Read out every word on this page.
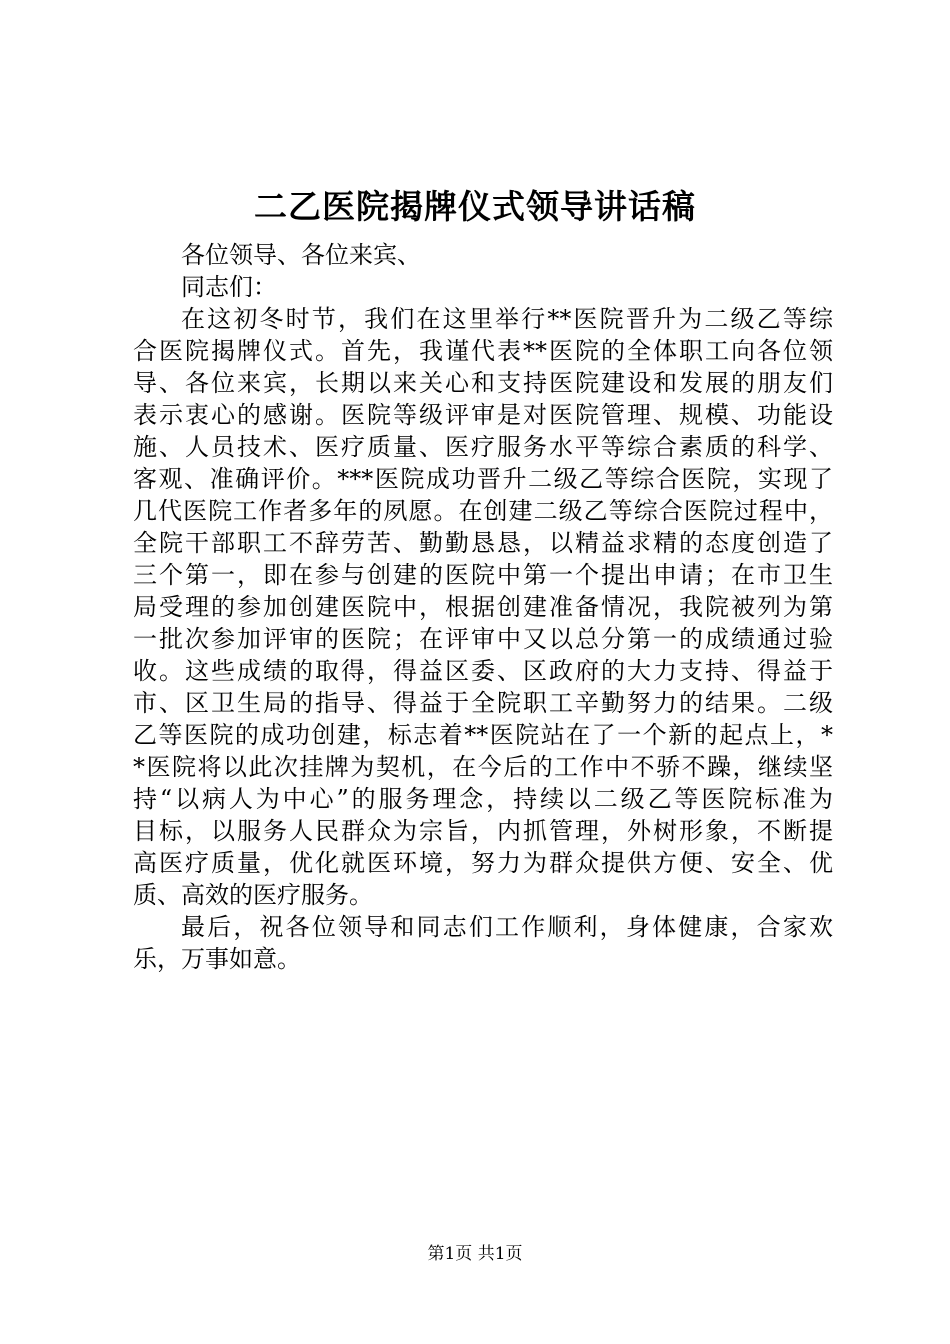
二乙医院揭牌仪式领导讲话稿
各位领导、各位来宾、
同志们：
在这初冬时节，我们在这里举行**医院晋升为二级乙等综
合医院揭牌仪式。首先，我谨代表**医院的全体职工向各位领
导、各位来宾，长期以来关心和支持医院建设和发展的朋友们
表示衷心的感谢。医院等级评审是对医院管理、规模、功能设
施、人员技术、医疗质量、医疗服务水平等综合素质的科学、
客观、准确评价。***医院成功晋升二级乙等综合医院，实现了
几代医院工作者多年的夙愿。在创建二级乙等综合医院过程中，
全院干部职工不辞劳苦、勤勤恳恳，以精益求精的态度创造了
三个第一，即在参与创建的医院中第一个提出申请；在市卫生
局受理的参加创建医院中，根据创建准备情况，我院被列为第
一批次参加评审的医院；在评审中又以总分第一的成绩通过验
收。这些成绩的取得，得益区委、区政府的大力支持、得益于
市、区卫生局的指导、得益于全院职工辛勤努力的结果。二级
乙等医院的成功创建，标志着**医院站在了一个新的起点上，*
*医院将以此次挂牌为契机，在今后的工作中不骄不躁，继续坚
持“以病人为中心”的服务理念，持续以二级乙等医院标准为
目标，以服务人民群众为宗旨，内抓管理，外树形象，不断提
高医疗质量，优化就医环境，努力为群众提供方便、安全、优
质、高效的医疗服务。
最后，祝各位领导和同志们工作顺利，身体健康，合家欢
乐，万事如意。
第1页 共1页
